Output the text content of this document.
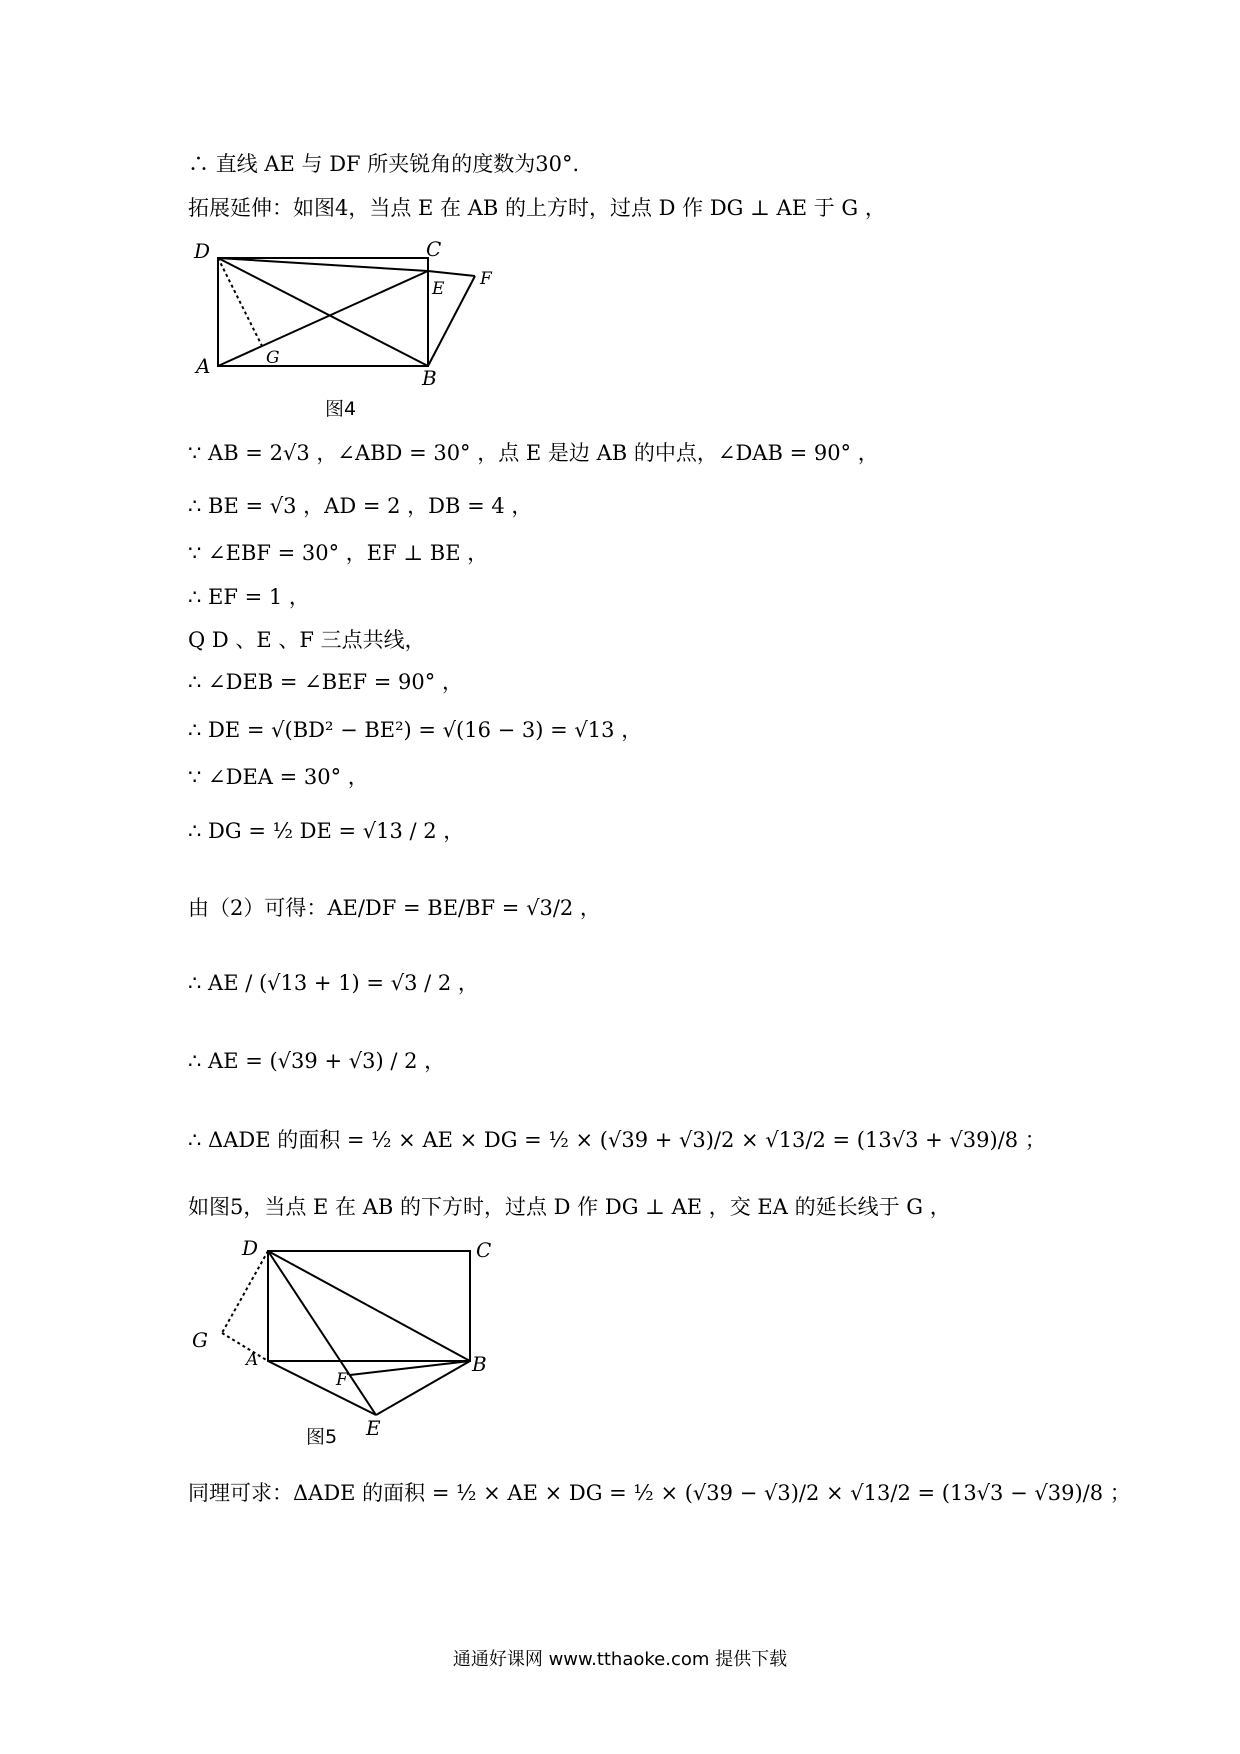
∴ 直线 AE 与 DF 所夹锐角的度数为30°．
拓展延伸：如图4，当点 E 在 AB 的上方时，过点 D 作 DG ⊥ AE 于 G ，
D	C
E F
A	G
B
图4
∵ AB = 2√3 ，∠ABD = 30° ，点 E 是边 AB 的中点，∠DAB = 90° ，
∴ BE = √3 ，AD = 2 ，DB = 4 ，
∵ ∠EBF = 30° ，EF ⊥ BE ，
∴ EF = 1 ，
Q D 、E 、F 三点共线，
∴ ∠DEB = ∠BEF = 90° ，
∴ DE = √(BD² − BE²) = √(16 − 3) = √13 ，
∵ ∠DEA = 30° ，
∴ DG = ½ DE = √13 / 2 ，
由（2）可得：AE/DF = BE/BF = √3/2 ，
∴ AE / (√13 + 1) = √3 / 2 ，
∴ AE = (√39 + √3) / 2 ，
∴ ΔADE 的面积 = ½ × AE × DG = ½ × (√39 + √3)/2 × √13/2 = (13√3 + √39)/8 ；
如图5，当点 E 在 AB 的下方时，过点 D 作 DG ⊥ AE ，交 EA 的延长线于 G ，
D	C
G
A	B
F
E
图5
同理可求：ΔADE 的面积 = ½ × AE × DG = ½ × (√39 − √3)/2 × √13/2 = (13√3 − √39)/8 ；
通通好课网 www.tthaoke.com 提供下载
